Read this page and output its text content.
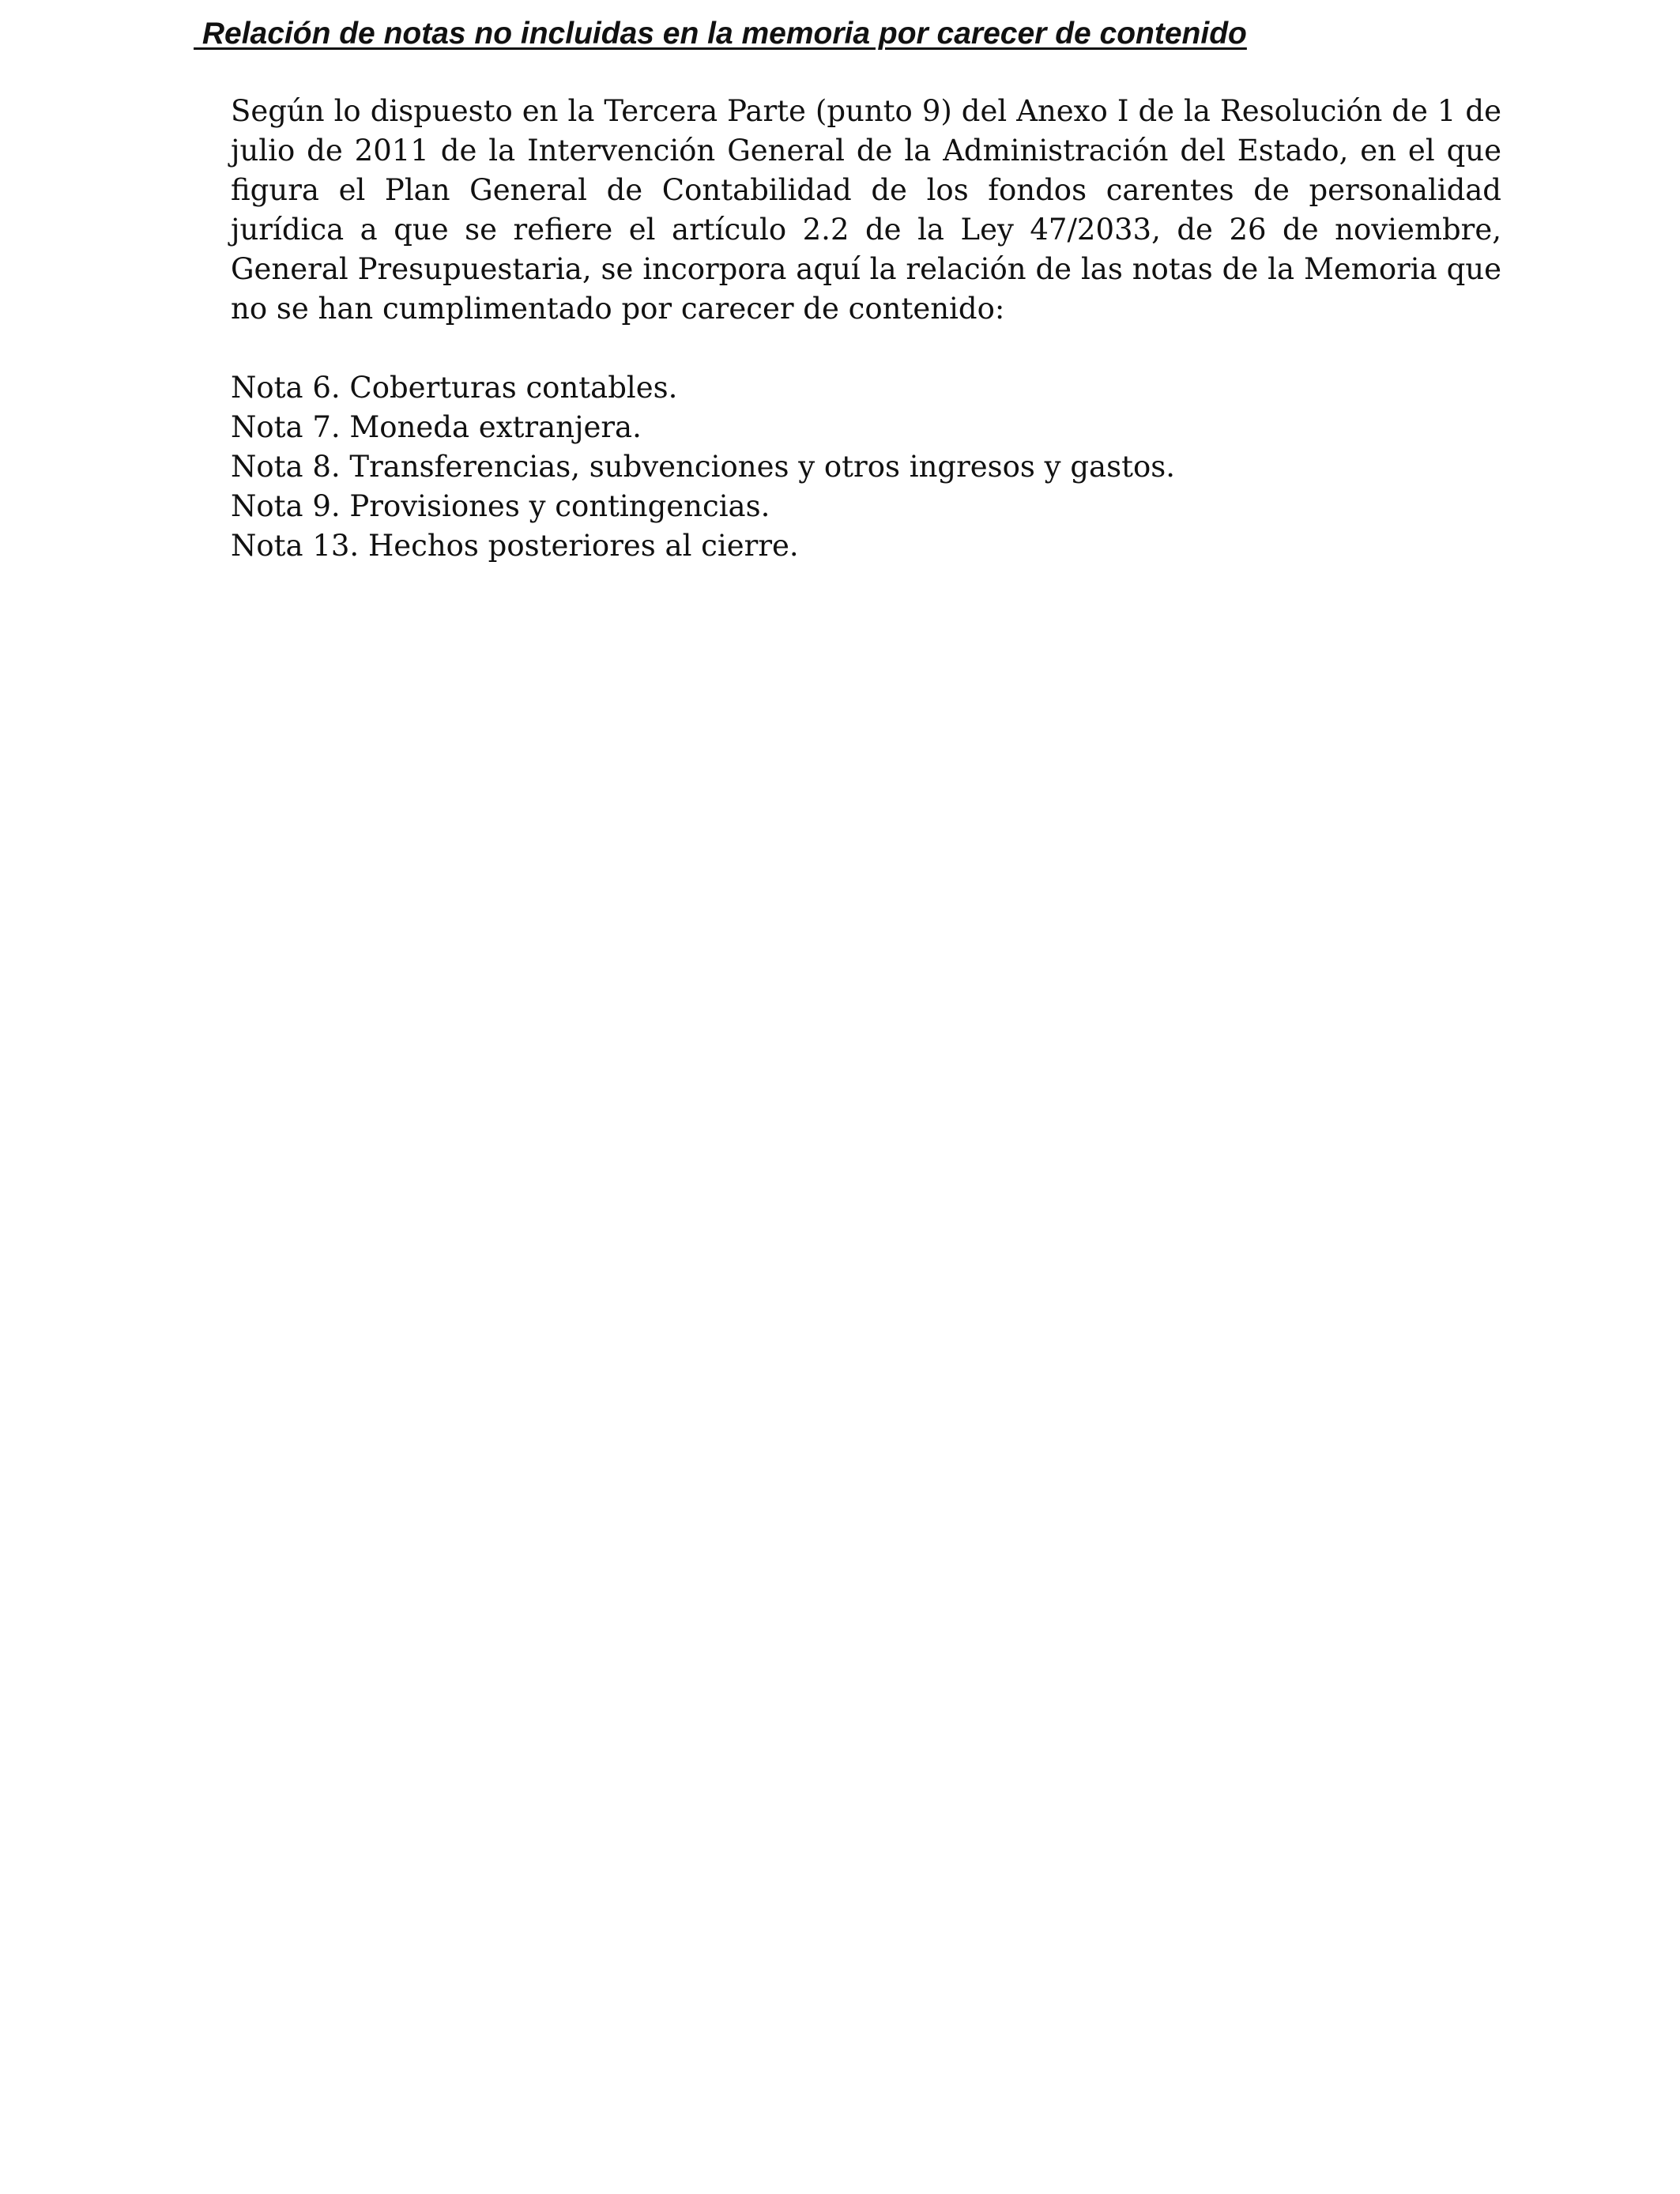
Relación de notas no incluidas en la memoria por carecer de contenido

Según lo dispuesto en la Tercera Parte (punto 9) del Anexo I de la Resolución de 1 de julio de 2011 de la Intervención General de la Administración del Estado, en el que figura el Plan General de Contabilidad de los fondos carentes de personalidad jurídica a que se refiere el artículo 2.2 de la Ley 47/2033, de 26 de noviembre, General Presupuestaria, se incorpora aquí la relación de las notas de la Memoria que no se han cumplimentado por carecer de contenido:

Nota 6. Coberturas contables.
Nota 7. Moneda extranjera.
Nota 8. Transferencias, subvenciones y otros ingresos y gastos.
Nota 9. Provisiones y contingencias.
Nota 13. Hechos posteriores al cierre.
